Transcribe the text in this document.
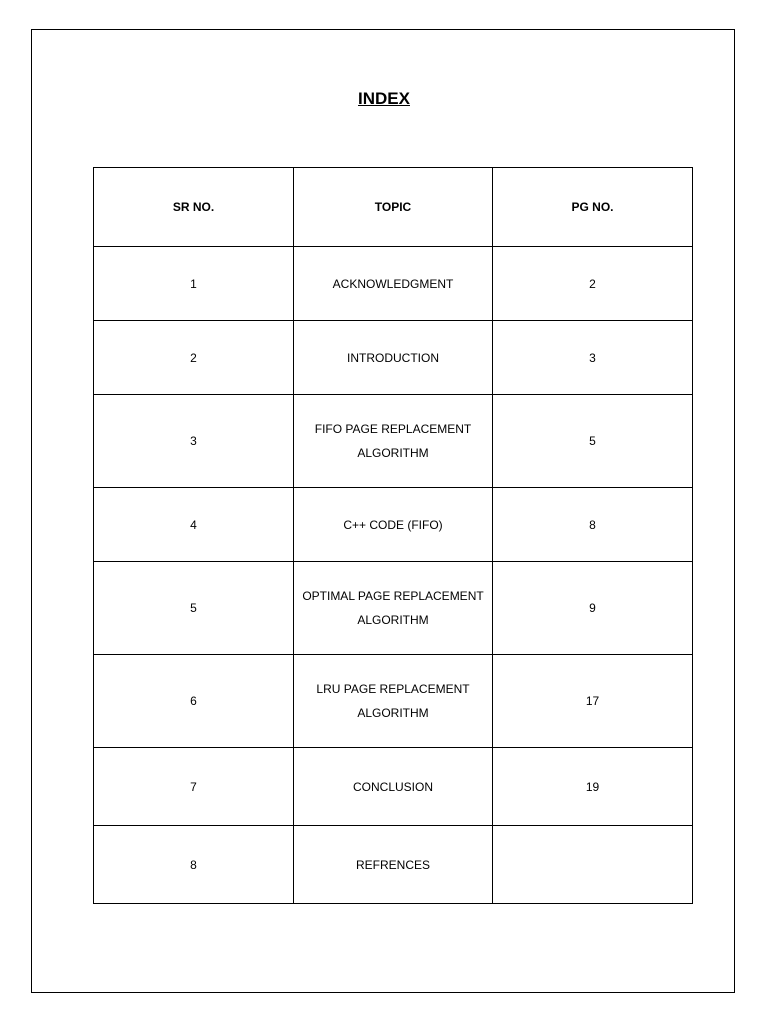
INDEX
SR NO.	TOPIC	PG NO.
1	ACKNOWLEDGMENT	2
2	INTRODUCTION	3
3	FIFO PAGE REPLACEMENT ALGORITHM	5
4	C++ CODE (FIFO)	8
5	OPTIMAL PAGE REPLACEMENT ALGORITHM	9
6	LRU PAGE REPLACEMENT ALGORITHM	17
7	CONCLUSION	19
8	REFRENCES	
